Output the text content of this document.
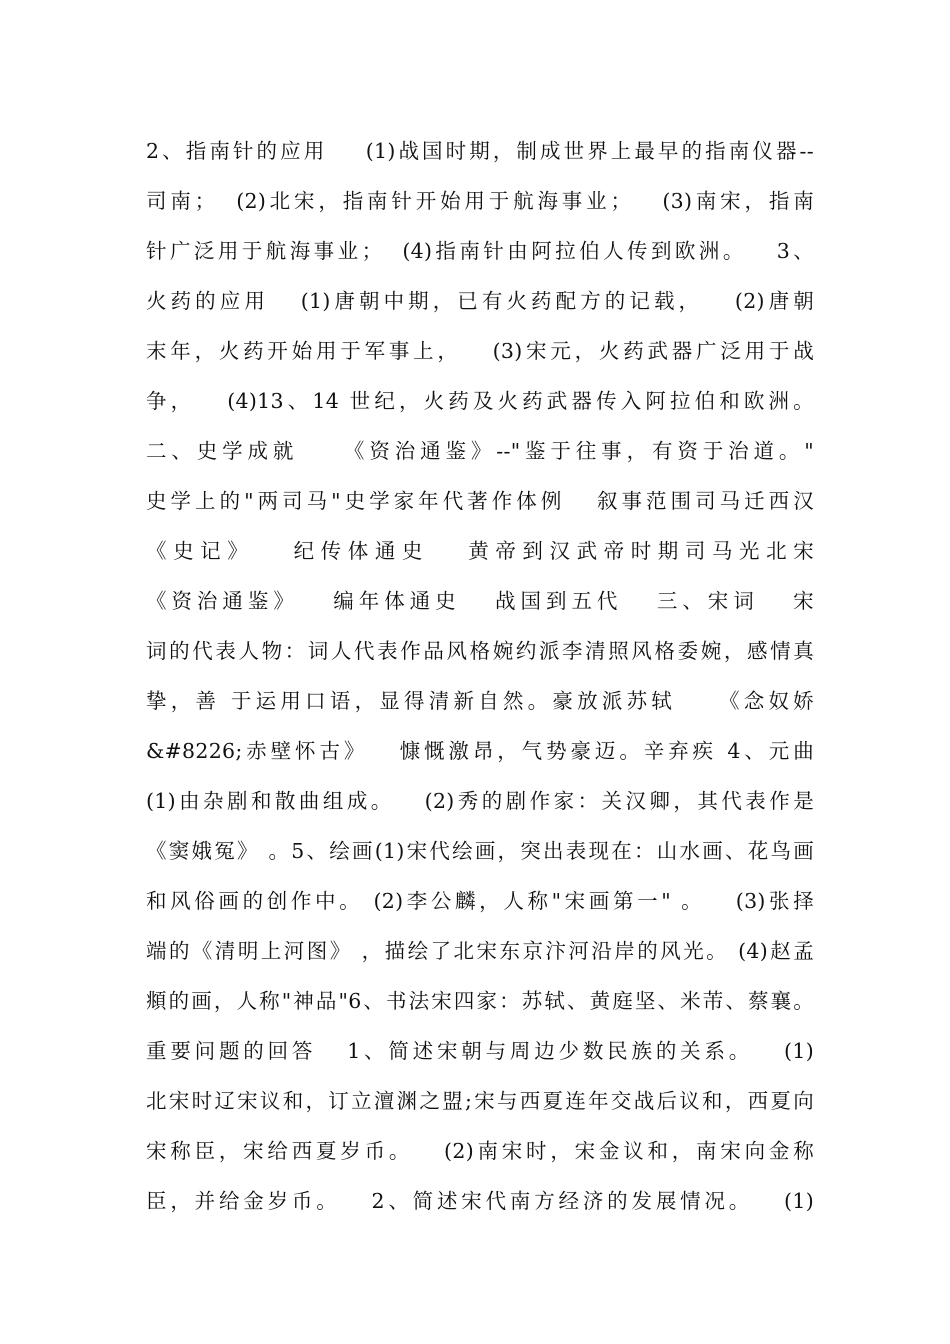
2、指南针的应用    (1)战国时期，制成世界上最早的指南仪器--
司南；  (2)北宋，指南针开始用于航海事业；   (3)南宋，指南
针广泛用于航海事业；  (4)指南针由阿拉伯人传到欧洲。   3、
火药的应用   (1)唐朝中期，已有火药配方的记载，   (2)唐朝
末年，火药开始用于军事上，   (3)宋元，火药武器广泛用于战
争，   (4)13、14 世纪，火药及火药武器传入阿拉伯和欧洲。
二、史学成就    《资治通鉴》--"鉴于往事，有资于治道。"
史学上的"两司马"史学家年代著作体例   叙事范围司马迁西汉
《史记》   纪传体通史   黄帝到汉武帝时期司马光北宋
《资治通鉴》   编年体通史   战国到五代   三、宋词   宋
词的代表人物：词人代表作品风格婉约派李清照风格委婉，感情真
挚，善 于运用口语，显得清新自然。豪放派苏轼    《念奴娇
&#8226;赤壁怀古》   慷慨激昂，气势豪迈。辛弃疾 4、元曲
(1)由杂剧和散曲组成。   (2)秀的剧作家：关汉卿，其代表作是
《窦娥冤》 。5、绘画(1)宋代绘画，突出表现在：山水画、花鸟画
和风俗画的创作中。 (2)李公麟，人称"宋画第一" 。   (3)张择
端的《清明上河图》 ，描绘了北宋东京汴河沿岸的风光。 (4)赵孟
頫的画，人称"神品"6、书法宋四家：苏轼、黄庭坚、米芾、蔡襄。
重要问题的回答   1、简述宋朝与周边少数民族的关系。   (1)
北宋时辽宋议和，订立澶渊之盟;宋与西夏连年交战后议和，西夏向
宋称臣，宋给西夏岁币。   (2)南宋时，宋金议和，南宋向金称
臣，并给金岁币。   2、简述宋代南方经济的发展情况。   (1)
